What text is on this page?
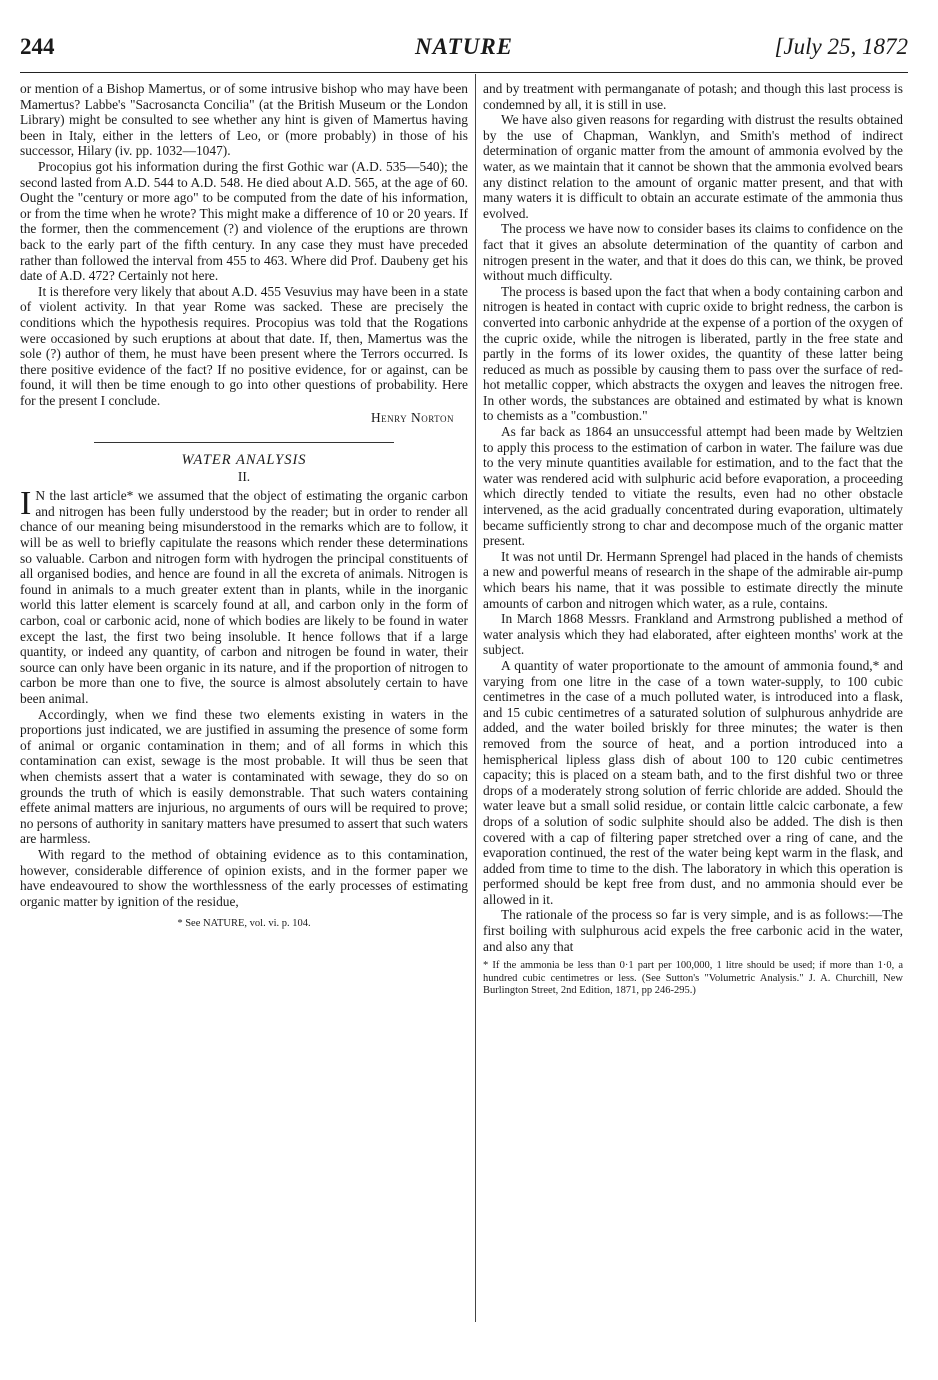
244	NATURE	[July 25, 1872

or mention of a Bishop Mamertus, or of some intrusive bishop who may have been Mamertus? Labbe's "Sacrosancta Concilia" (at the British Museum or the London Library) might be consulted to see whether any hint is given of Mamertus having been in Italy, either in the letters of Leo, or (more probably) in those of his successor, Hilary (iv. pp. 1032—1047).

Procopius got his information during the first Gothic war (A.D. 535—540); the second lasted from A.D. 544 to A.D. 548. He died about A.D. 565, at the age of 60. Ought the "century or more ago" to be computed from the date of his information, or from the time when he wrote? This might make a difference of 10 or 20 years. If the former, then the commencement (?) and violence of the eruptions are thrown back to the early part of the fifth century. In any case they must have preceded rather than followed the interval from 455 to 463. Where did Prof. Daubeny get his date of A.D. 472? Certainly not here.

It is therefore very likely that about A.D. 455 Vesuvius may have been in a state of violent activity. In that year Rome was sacked. These are precisely the conditions which the hypothesis requires. Procopius was told that the Rogations were occasioned by such eruptions at about that date. If, then, Mamertus was the sole (?) author of them, he must have been present where the Terrors occurred. Is there positive evidence of the fact? If no positive evidence, for or against, can be found, it will then be time enough to go into other questions of probability. Here for the present I conclude.

Henry Norton
WATER ANALYSIS
II.

I N the last article* we assumed that the object of estimating the organic carbon and nitrogen has been fully understood by the reader; but in order to render all chance of our meaning being misunderstood in the remarks which are to follow, it will be as well to briefly capitulate the reasons which render these determinations so valuable. Carbon and nitrogen form with hydrogen the principal constituents of all organised bodies, and hence are found in all the excreta of animals. Nitrogen is found in animals to a much greater extent than in plants, while in the inorganic world this latter element is scarcely found at all, and carbon only in the form of carbon, coal or carbonic acid, none of which bodies are likely to be found in water except the last, the first two being insoluble. It hence follows that if a large quantity, or indeed any quantity, of carbon and nitrogen be found in water, their source can only have been organic in its nature, and if the proportion of nitrogen to carbon be more than one to five, the source is almost absolutely certain to have been animal.

Accordingly, when we find these two elements existing in waters in the proportions just indicated, we are justified in assuming the presence of some form of animal or organic contamination in them; and of all forms in which this contamination can exist, sewage is the most probable. It will thus be seen that when chemists assert that a water is contaminated with sewage, they do so on grounds the truth of which is easily demonstrable. That such waters containing effete animal matters are injurious, no arguments of ours will be required to prove; no persons of authority in sanitary matters have presumed to assert that such waters are harmless.

With regard to the method of obtaining evidence as to this contamination, however, considerable difference of opinion exists, and in the former paper we have endeavoured to show the worthlessness of the early processes of estimating organic matter by ignition of the residue,

* See NATURE, vol. vi. p. 104.

and by treatment with permanganate of potash; and though this last process is condemned by all, it is still in use.

We have also given reasons for regarding with distrust the results obtained by the use of Chapman, Wanklyn, and Smith's method of indirect determination of organic matter from the amount of ammonia evolved by the water, as we maintain that it cannot be shown that the ammonia evolved bears any distinct relation to the amount of organic matter present, and that with many waters it is difficult to obtain an accurate estimate of the ammonia thus evolved.

The process we have now to consider bases its claims to confidence on the fact that it gives an absolute determination of the quantity of carbon and nitrogen present in the water, and that it does do this can, we think, be proved without much difficulty.

The process is based upon the fact that when a body containing carbon and nitrogen is heated in contact with cupric oxide to bright redness, the carbon is converted into carbonic anhydride at the expense of a portion of the oxygen of the cupric oxide, while the nitrogen is liberated, partly in the free state and partly in the forms of its lower oxides, the quantity of these latter being reduced as much as possible by causing them to pass over the surface of red-hot metallic copper, which abstracts the oxygen and leaves the nitrogen free. In other words, the substances are obtained and estimated by what is known to chemists as a "combustion."

As far back as 1864 an unsuccessful attempt had been made by Weltzien to apply this process to the estimation of carbon in water. The failure was due to the very minute quantities available for estimation, and to the fact that the water was rendered acid with sulphuric acid before evaporation, a proceeding which directly tended to vitiate the results, even had no other obstacle intervened, as the acid gradually concentrated during evaporation, ultimately became sufficiently strong to char and decompose much of the organic matter present.

It was not until Dr. Hermann Sprengel had placed in the hands of chemists a new and powerful means of research in the shape of the admirable air-pump which bears his name, that it was possible to estimate directly the minute amounts of carbon and nitrogen which water, as a rule, contains.

In March 1868 Messrs. Frankland and Armstrong published a method of water analysis which they had elaborated, after eighteen months' work at the subject.

A quantity of water proportionate to the amount of ammonia found,* and varying from one litre in the case of a town water-supply, to 100 cubic centimetres in the case of a much polluted water, is introduced into a flask, and 15 cubic centimetres of a saturated solution of sulphurous anhydride are added, and the water boiled briskly for three minutes; the water is then removed from the source of heat, and a portion introduced into a hemispherical lipless glass dish of about 100 to 120 cubic centimetres capacity; this is placed on a steam bath, and to the first dishful two or three drops of a moderately strong solution of ferric chloride are added. Should the water leave but a small solid residue, or contain little calcic carbonate, a few drops of a solution of sodic sulphite should also be added. The dish is then covered with a cap of filtering paper stretched over a ring of cane, and the evaporation continued, the rest of the water being kept warm in the flask, and added from time to time to the dish. The laboratory in which this operation is performed should be kept free from dust, and no ammonia should ever be allowed in it.

The rationale of the process so far is very simple, and is as follows:—The first boiling with sulphurous acid expels the free carbonic acid in the water, and also any that

* If the ammonia be less than 0·1 part per 100,000, 1 litre should be used; if more than 1·0, a hundred cubic centimetres or less. (See Sutton's "Volumetric Analysis." J. A. Churchill, New Burlington Street, 2nd Edition, 1871, pp 246-295.)
